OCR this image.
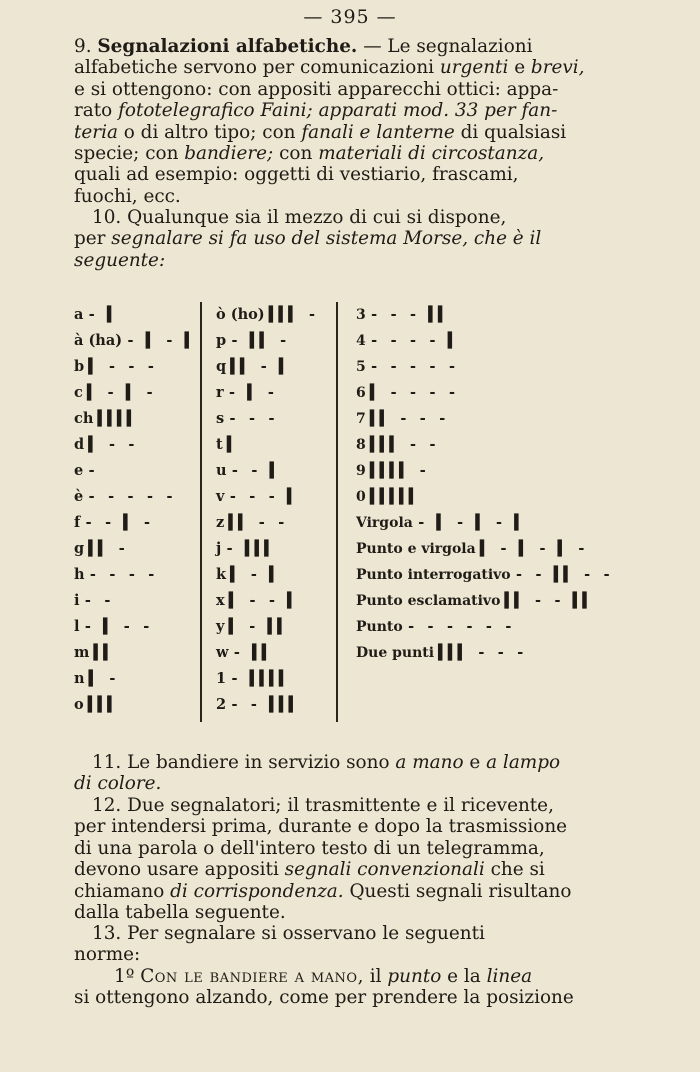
— 395 —
9. Segnalazioni alfabetiche. — Le segnalazioni
alfabetiche servono per comunicazioni urgenti e brevi,
e si ottengono: con appositi apparecchi ottici: appa-
rato fototelegrafico Faini; apparati mod. 33 per fan-
teria o di altro tipo; con fanali e lanterne di qualsiasi
specie; con bandiere; con materiali di circostanza,
quali ad esempio: oggetti di vestiario, frascami,
fuochi, ecc.
10. Qualunque sia il mezzo di cui si dispone,
per segnalare si fa uso del sistema Morse, che è il
seguente:
a - ▌
à (ha) - ▌ - ▌
b ▌ - - -
c ▌ - ▌ -
ch ▌▌▌▌
d ▌ - -
e -
è - - - - -
f - - ▌ -
g ▌▌ -
h - - - -
i - -
l - ▌ - -
m ▌▌
n ▌ -
o ▌▌▌
ò (ho) ▌▌▌ -
p - ▌▌ -
q ▌▌ - ▌
r - ▌ -
s - - -
t ▌
u - - ▌
v - - - ▌
z ▌▌ - -
j - ▌▌▌
k ▌ - ▌
x ▌ - - ▌
y ▌ - ▌▌
w - ▌▌
1 - ▌▌▌▌
2 - - ▌▌▌
3 - - - ▌▌
4 - - - - ▌
5 - - - - -
6 ▌ - - - -
7 ▌▌ - - -
8 ▌▌▌ - -
9 ▌▌▌▌ -
0 ▌▌▌▌▌
Virgola - ▌ - ▌ - ▌
Punto e virgola ▌ - ▌ - ▌ -
Punto interrogativo - - ▌▌ - -
Punto esclamativo ▌▌ - - ▌▌
Punto - - - - - -
Due punti ▌▌▌ - - -
11. Le bandiere in servizio sono a mano e a lampo
di colore.
12. Due segnalatori; il trasmittente e il ricevente,
per intendersi prima, durante e dopo la trasmissione
di una parola o dell'intero testo di un telegramma,
devono usare appositi segnali convenzionali che si
chiamano di corrispondenza. Questi segnali risultano
dalla tabella seguente.
13. Per segnalare si osservano le seguenti
norme:
1º Con le bandiere a mano, il punto e la linea
si ottengono alzando, come per prendere la posizione
